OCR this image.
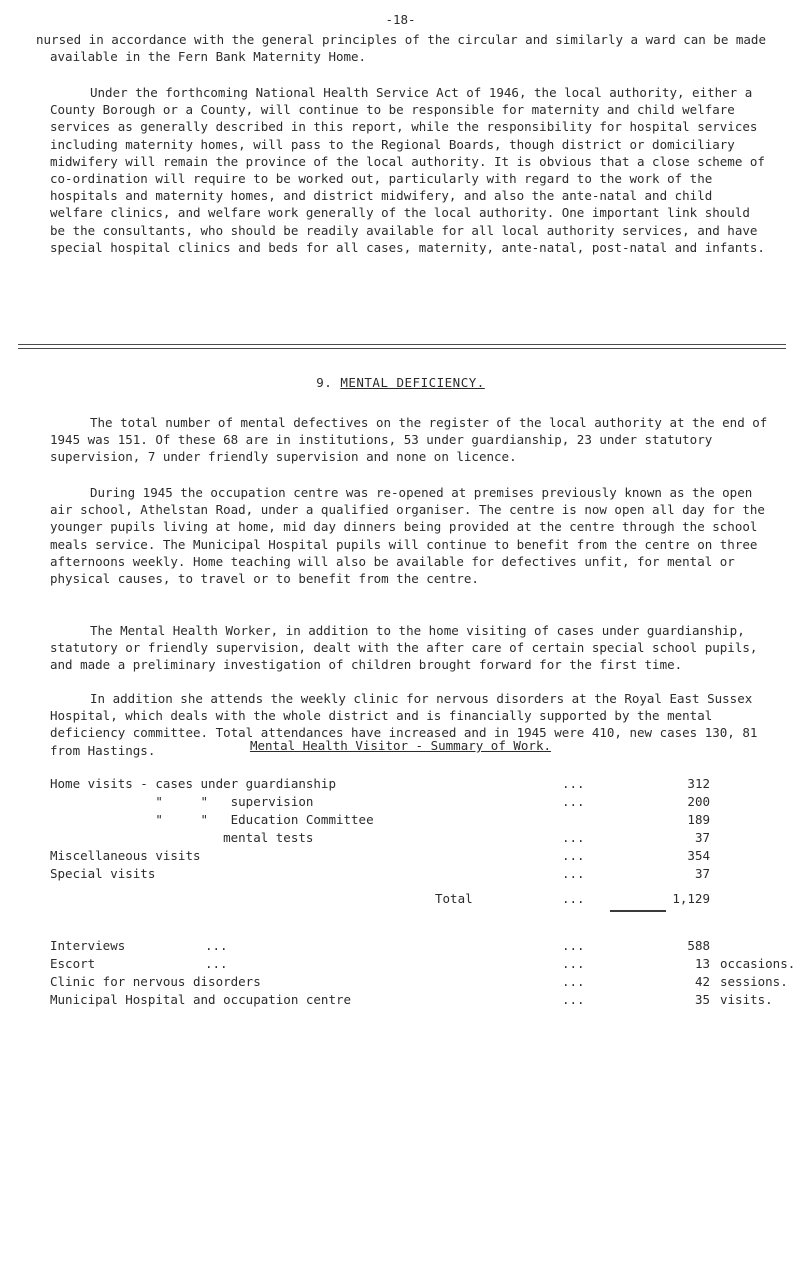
-18-

nursed in accordance with the general principles of the circular and similarly a ward can be made available in the Fern Bank Maternity Home.

Under the forthcoming National Health Service Act of 1946, the local authority, either a County Borough or a County, will continue to be responsible for maternity and child welfare services as generally described in this report, while the responsibility for hospital services including maternity homes, will pass to the Regional Boards, though district or domiciliary midwifery will remain the province of the local authority. It is obvious that a close scheme of co-ordination will require to be worked out, particularly with regard to the work of the hospitals and maternity homes, and district midwifery, and also the ante-natal and child welfare clinics, and welfare work generally of the local authority. One important link should be the consultants, who should be readily available for all local authority services, and have special hospital clinics and beds for all cases, maternity, ante-natal, post-natal and infants.

9. MENTAL DEFICIENCY.

The total number of mental defectives on the register of the local authority at the end of 1945 was 151. Of these 68 are in institutions, 53 under guardianship, 23 under statutory supervision, 7 under friendly supervision and none on licence.

During 1945 the occupation centre was re-opened at premises previously known as the open air school, Athelstan Road, under a qualified organiser. The centre is now open all day for the younger pupils living at home, mid day dinners being provided at the centre through the school meals service. The Municipal Hospital pupils will continue to benefit from the centre on three afternoons weekly. Home teaching will also be available for defectives unfit, for mental or physical causes, to travel or to benefit from the centre.

The Mental Health Worker, in addition to the home visiting of cases under guardianship, statutory or friendly supervision, dealt with the after care of certain special school pupils, and made a preliminary investigation of children brought forward for the first time.

In addition she attends the weekly clinic for nervous disorders at the Royal East Sussex Hospital, which deals with the whole district and is financially supported by the mental deficiency committee. Total attendances have increased and in 1945 were 410, new cases 130, 81 from Hastings.	Mental Health Visitor - Summary of Work.
Home visits - cases under guardianship	...	312
"     "   supervision	...	200
"     "   Education Committee	189
mental tests	...	37
Miscellaneous visits	...	354
Special visits	...	37
Total	...	1,129
Interviews	...	...	588
Escort	...	...	13 occasions.
Clinic for nervous disorders	...	42 sessions.
Municipal Hospital and occupation centre	...	35 visits.
